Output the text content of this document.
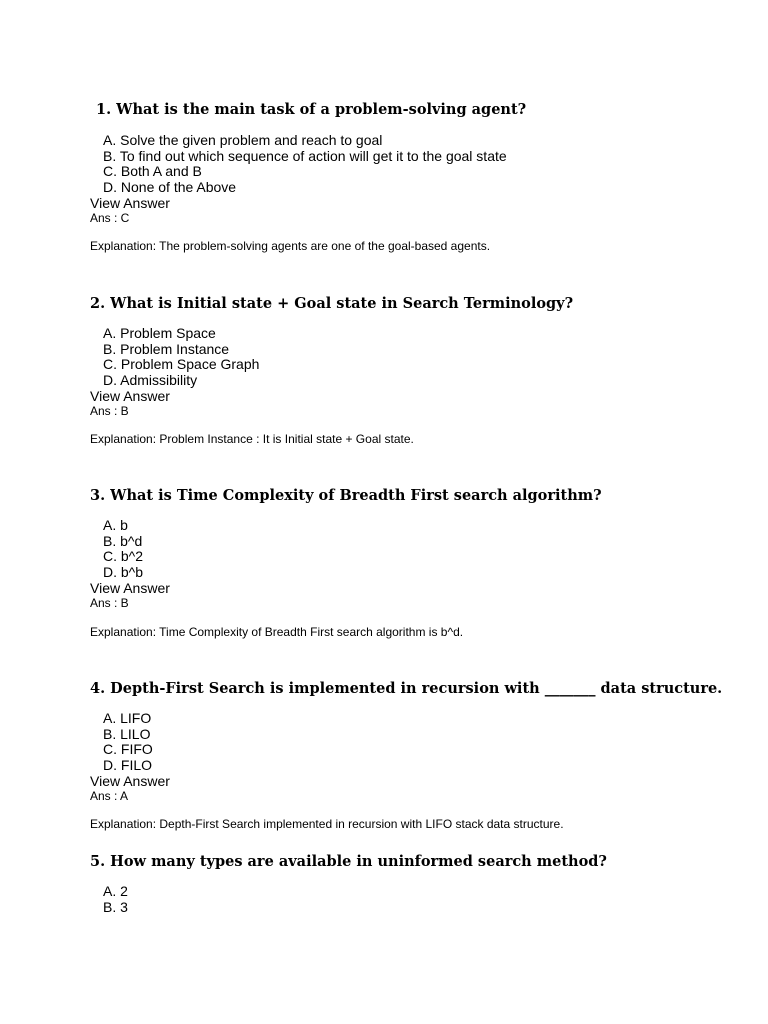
1. What is the main task of a problem-solving agent?
A. Solve the given problem and reach to goal
B. To find out which sequence of action will get it to the goal state
C. Both A and B
D. None of the Above
View Answer
Ans : C
Explanation: The problem-solving agents are one of the goal-based agents.
2. What is Initial state + Goal state in Search Terminology?
A. Problem Space
B. Problem Instance
C. Problem Space Graph
D. Admissibility
View Answer
Ans : B
Explanation: Problem Instance : It is Initial state + Goal state.
3. What is Time Complexity of Breadth First search algorithm?
A. b
B. b^d
C. b^2
D. b^b
View Answer
Ans : B
Explanation: Time Complexity of Breadth First search algorithm is b^d.
4. Depth-First Search is implemented in recursion with _______ data structure.
A. LIFO
B. LILO
C. FIFO
D. FILO
View Answer
Ans : A
Explanation: Depth-First Search implemented in recursion with LIFO stack data structure.
5. How many types are available in uninformed search method?
A. 2
B. 3
